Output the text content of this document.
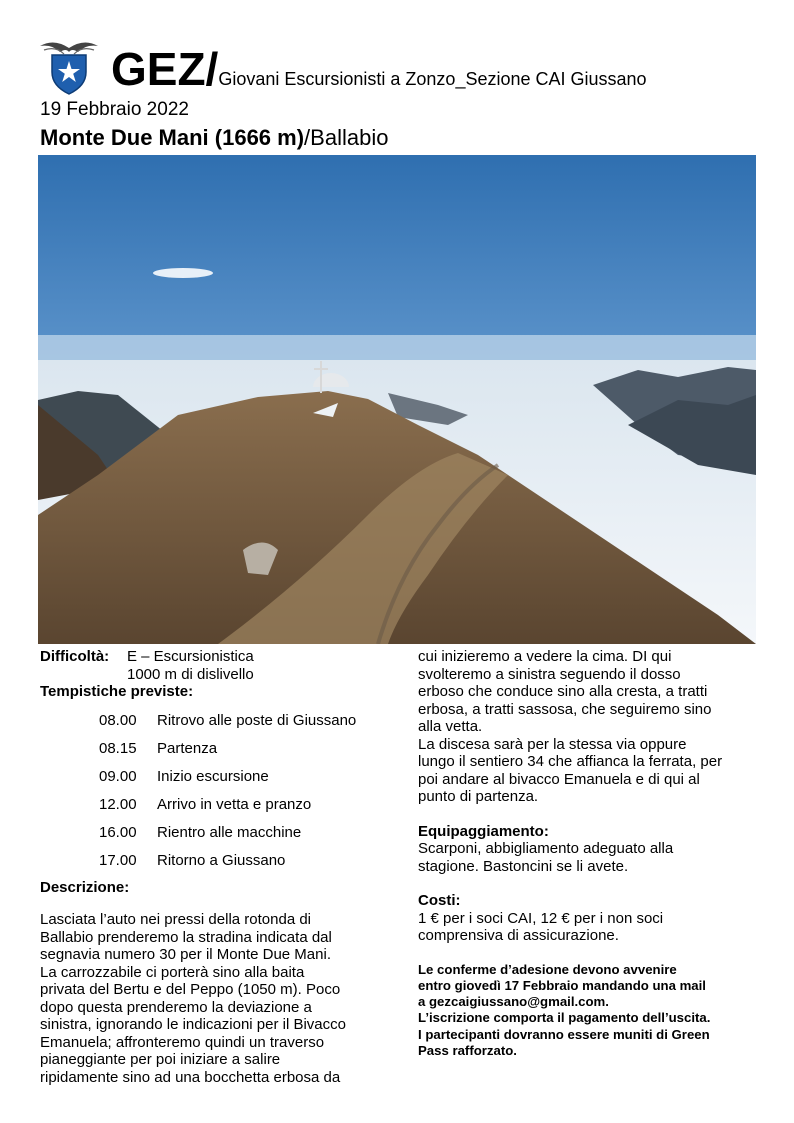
GEZ/Giovani Escursionisti a Zonzo_Sezione CAI Giussano
19 Febbraio 2022
Monte Due Mani (1666 m)/Ballabio
Difficoltà:	E – Escursionistica
1000 m di dislivello
Tempistiche previste:
08.00	Ritrovo alle poste di Giussano
08.15	Partenza
09.00	Inizio escursione
12.00	Arrivo in vetta e pranzo
16.00	Rientro alle macchine
17.00	Ritorno a Giussano
Descrizione:
Lasciata l’auto nei pressi della rotonda di
Ballabio prenderemo la stradina indicata dal
segnavia numero 30 per il Monte Due Mani.
La carrozzabile ci porterà sino alla baita
privata del Bertu e del Peppo (1050 m). Poco
dopo questa prenderemo la deviazione a
sinistra, ignorando le indicazioni per il Bivacco
Emanuela; affronteremo quindi un traverso
pianeggiante per poi iniziare a salire
ripidamente sino ad una bocchetta erbosa da
cui inizieremo a vedere la cima. DI qui
svolteremo a sinistra seguendo il dosso
erboso che conduce sino alla cresta, a tratti
erbosa, a tratti sassosa, che seguiremo sino
alla vetta.
La discesa sarà per la stessa via oppure
lungo il sentiero 34 che affianca la ferrata, per
poi andare al bivacco Emanuela e di qui al
punto di partenza.
Equipaggiamento:
Scarponi, abbigliamento adeguato alla
stagione. Bastoncini se li avete.
Costi:
1 € per i soci CAI, 12 € per i non soci
comprensiva di assicurazione.
Le conferme d’adesione devono avvenire
entro giovedì 17 Febbraio mandando una mail
a gezcaigiussano@gmail.com.
L’iscrizione comporta il pagamento dell’uscita.
I partecipanti dovranno essere muniti di Green
Pass rafforzato.
